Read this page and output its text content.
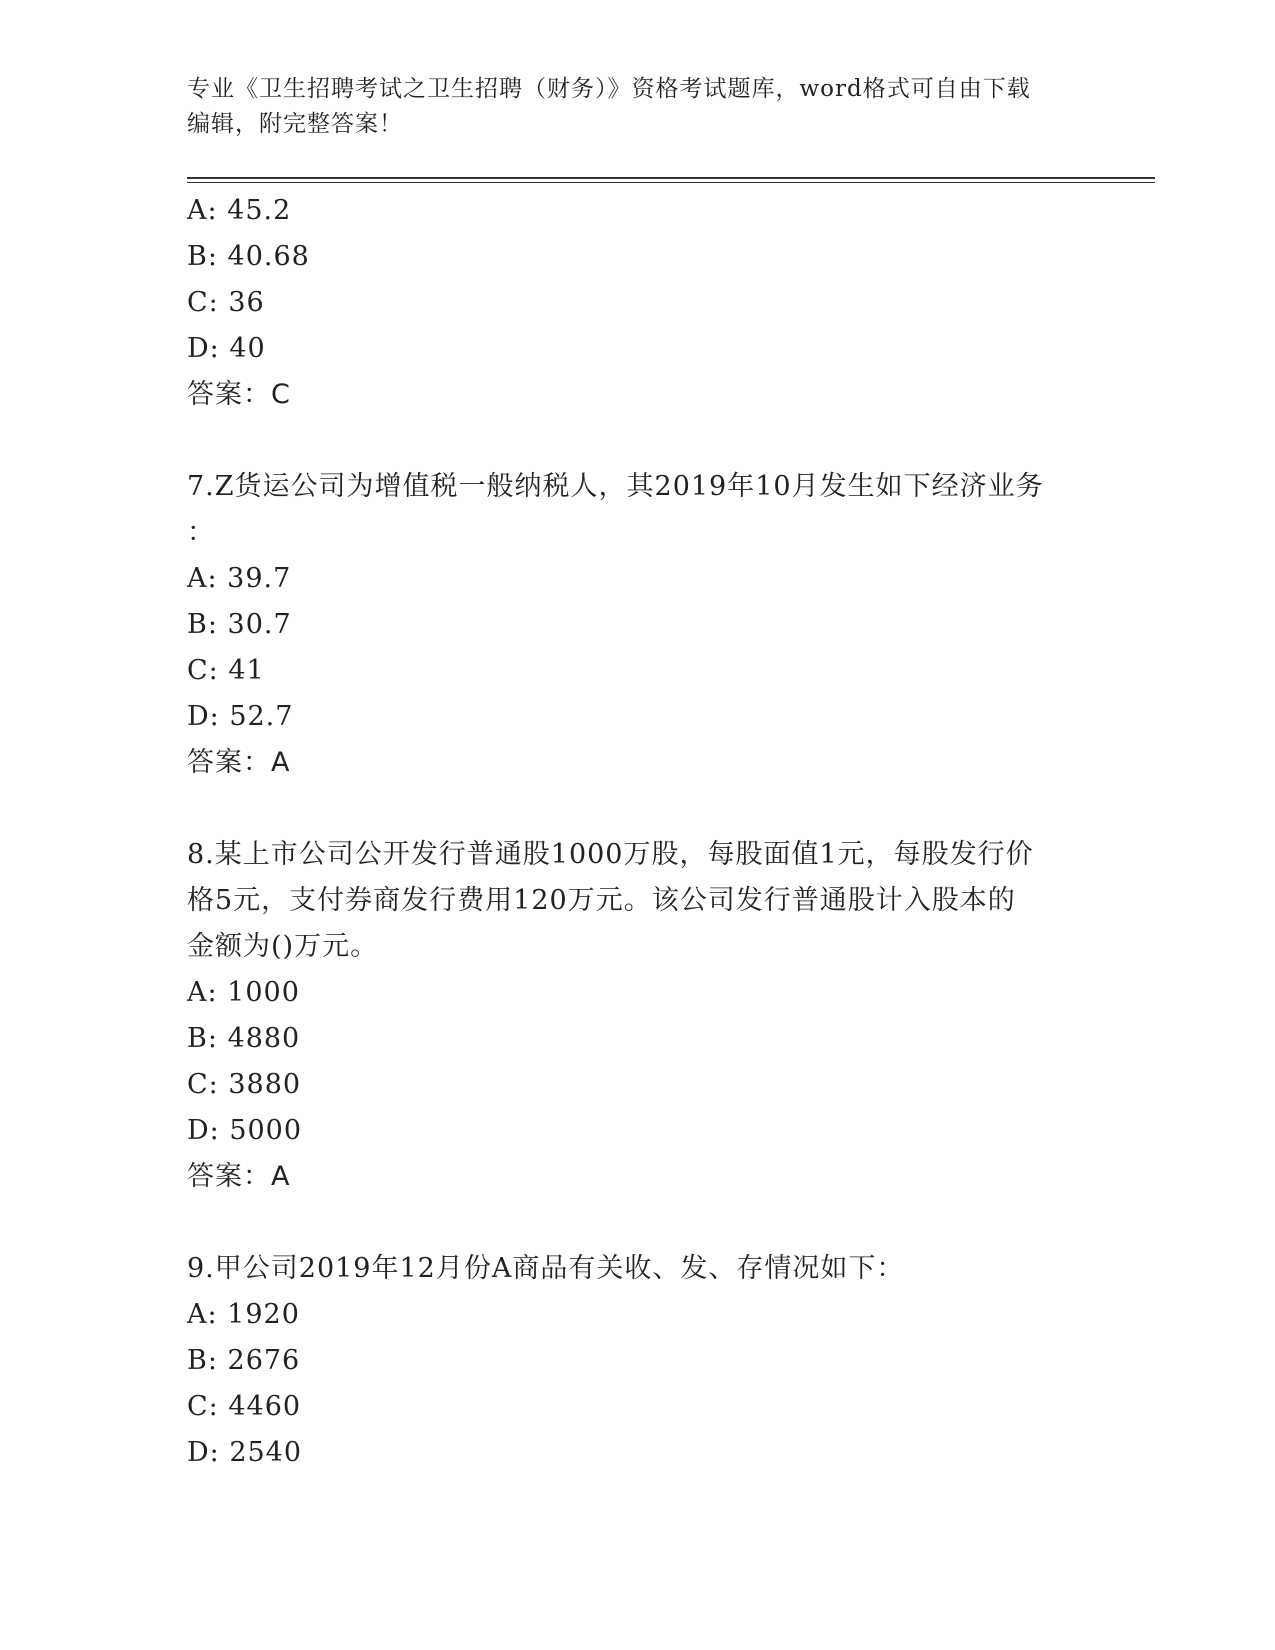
专业《卫生招聘考试之卫生招聘（财务）》资格考试题库，word格式可自由下载
编辑，附完整答案！
A: 45.2
B: 40.68
C: 36
D: 40
答案：C
7.Z货运公司为增值税一般纳税人，其2019年10月发生如下经济业务
：
A: 39.7
B: 30.7
C: 41
D: 52.7
答案：A
8.某上市公司公开发行普通股1000万股，每股面值1元，每股发行价
格5元，支付券商发行费用120万元。该公司发行普通股计入股本的
金额为()万元。
A: 1000
B: 4880
C: 3880
D: 5000
答案：A
9.甲公司2019年12月份A商品有关收、发、存情况如下：
A: 1920
B: 2676
C: 4460
D: 2540
